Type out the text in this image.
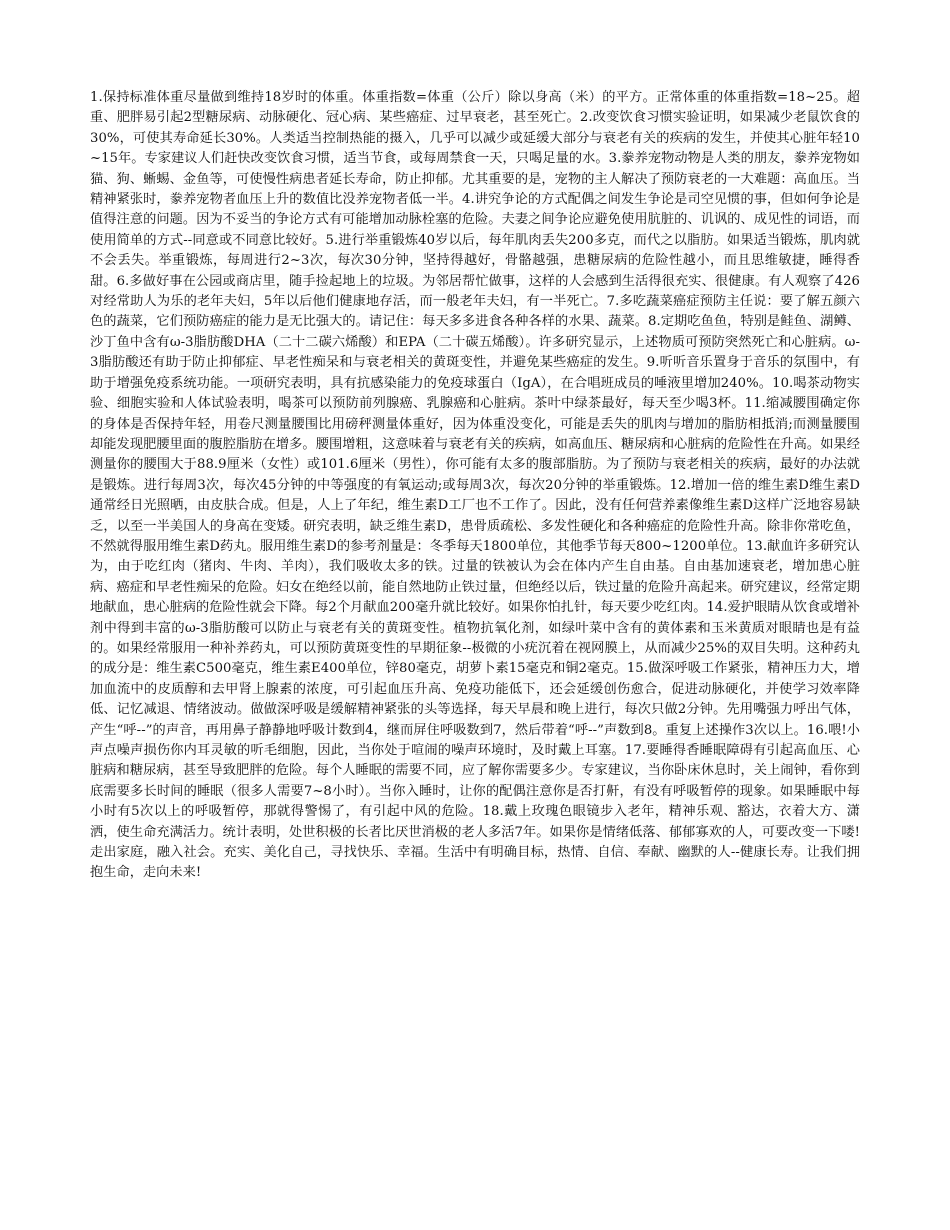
1.保持标准体重尽量做到维持18岁时的体重。体重指数=体重（公斤）除以身高（米）的平方。正常体重的体重指数=18~25。超重、肥胖易引起2型糖尿病、动脉硬化、冠心病、某些癌症、过早衰老，甚至死亡。2.改变饮食习惯实验证明，如果减少老鼠饮食的30%，可使其寿命延长30%。人类适当控制热能的摄入，几乎可以减少或延缓大部分与衰老有关的疾病的发生，并使其心脏年轻10~15年。专家建议人们赶快改变饮食习惯，适当节食，或每周禁食一天，只喝足量的水。3.豢养宠物动物是人类的朋友，豢养宠物如猫、狗、蜥蜴、金鱼等，可使慢性病患者延长寿命，防止抑郁。尤其重要的是，宠物的主人解决了预防衰老的一大难题：高血压。当精神紧张时，豢养宠物者血压上升的数值比没养宠物者低一半。4.讲究争论的方式配偶之间发生争论是司空见惯的事，但如何争论是值得注意的问题。因为不妥当的争论方式有可能增加动脉栓塞的危险。夫妻之间争论应避免使用肮脏的、讥讽的、成见性的词语，而使用简单的方式--同意或不同意比较好。5.进行举重锻炼40岁以后，每年肌肉丢失200多克，而代之以脂肪。如果适当锻炼，肌肉就不会丢失。举重锻炼，每周进行2~3次，每次30分钟，坚持得越好，骨骼越强，患糖尿病的危险性越小，而且思维敏捷，睡得香甜。6.多做好事在公园或商店里，随手捡起地上的垃圾。为邻居帮忙做事，这样的人会感到生活得很充实、很健康。有人观察了426对经常助人为乐的老年夫妇，5年以后他们健康地存活，而一般老年夫妇，有一半死亡。7.多吃蔬菜癌症预防主任说：要了解五颜六色的蔬菜，它们预防癌症的能力是无比强大的。请记住：每天多多进食各种各样的水果、蔬菜。8.定期吃鱼鱼，特别是鲑鱼、湖鳟、沙丁鱼中含有ω-3脂肪酸DHA（二十二碳六烯酸）和EPA（二十碳五烯酸）。许多研究显示，上述物质可预防突然死亡和心脏病。ω-3脂肪酸还有助于防止抑郁症、早老性痴呆和与衰老相关的黄斑变性，并避免某些癌症的发生。9.听听音乐置身于音乐的氛围中，有助于增强免疫系统功能。一项研究表明，具有抗感染能力的免疫球蛋白（IgA），在合唱班成员的唾液里增加240%。10.喝茶动物实验、细胞实验和人体试验表明，喝茶可以预防前列腺癌、乳腺癌和心脏病。茶叶中绿茶最好，每天至少喝3杯。11.缩减腰围确定你的身体是否保持年轻，用卷尺测量腰围比用磅秤测量体重好，因为体重没变化，可能是丢失的肌肉与增加的脂肪相抵消;而测量腰围却能发现肥腰里面的腹腔脂肪在增多。腰围增粗，这意味着与衰老有关的疾病，如高血压、糖尿病和心脏病的危险性在升高。如果经测量你的腰围大于88.9厘米（女性）或101.6厘米（男性），你可能有太多的腹部脂肪。为了预防与衰老相关的疾病，最好的办法就是锻炼。进行每周3次，每次45分钟的中等强度的有氧运动;或每周3次，每次20分钟的举重锻炼。12.增加一倍的维生素D维生素D通常经日光照晒，由皮肤合成。但是，人上了年纪，维生素D工厂也不工作了。因此，没有任何营养素像维生素D这样广泛地容易缺乏，以至一半美国人的身高在变矮。研究表明，缺乏维生素D，患骨质疏松、多发性硬化和各种癌症的危险性升高。除非你常吃鱼，不然就得服用维生素D药丸。服用维生素D的参考剂量是：冬季每天1800单位，其他季节每天800~1200单位。13.献血许多研究认为，由于吃红肉（猪肉、牛肉、羊肉），我们吸收太多的铁。过量的铁被认为会在体内产生自由基。自由基加速衰老，增加患心脏病、癌症和早老性痴呆的危险。妇女在绝经以前，能自然地防止铁过量，但绝经以后，铁过量的危险升高起来。研究建议，经常定期地献血，患心脏病的危险性就会下降。每2个月献血200毫升就比较好。如果你怕扎针，每天要少吃红肉。14.爱护眼睛从饮食或增补剂中得到丰富的ω-3脂肪酸可以防止与衰老有关的黄斑变性。植物抗氧化剂，如绿叶菜中含有的黄体素和玉米黄质对眼睛也是有益的。如果经常服用一种补养药丸，可以预防黄斑变性的早期征象--极微的小疣沉着在视网膜上，从而减少25%的双目失明。这种药丸的成分是：维生素C500毫克，维生素E400单位，锌80毫克，胡萝卜素15毫克和铜2毫克。15.做深呼吸工作紧张，精神压力大，增加血流中的皮质醇和去甲肾上腺素的浓度，可引起血压升高、免疫功能低下，还会延缓创伤愈合，促进动脉硬化，并使学习效率降低、记忆减退、情绪波动。做做深呼吸是缓解精神紧张的头等选择，每天早晨和晚上进行，每次只做2分钟。先用嘴强力呼出气体，产生“呼--”的声音，再用鼻子静静地呼吸计数到4，继而屏住呼吸数到7，然后带着“呼--”声数到8。重复上述操作3次以上。16.喂!小声点噪声损伤你内耳灵敏的听毛细胞，因此，当你处于喧闹的噪声环境时，及时戴上耳塞。17.要睡得香睡眠障碍有引起高血压、心脏病和糖尿病，甚至导致肥胖的危险。每个人睡眠的需要不同，应了解你需要多少。专家建议，当你卧床休息时，关上闹钟，看你到底需要多长时间的睡眠（很多人需要7~8小时）。当你入睡时，让你的配偶注意你是否打鼾，有没有呼吸暂停的现象。如果睡眠中每小时有5次以上的呼吸暂停，那就得警惕了，有引起中风的危险。18.戴上玫瑰色眼镜步入老年，精神乐观、豁达，衣着大方、潇洒，使生命充满活力。统计表明，处世积极的长者比厌世消极的老人多活7年。如果你是情绪低落、郁郁寡欢的人，可要改变一下喽!走出家庭，融入社会。充实、美化自己，寻找快乐、幸福。生活中有明确目标，热情、自信、奉献、幽默的人--健康长寿。让我们拥抱生命，走向未来!
